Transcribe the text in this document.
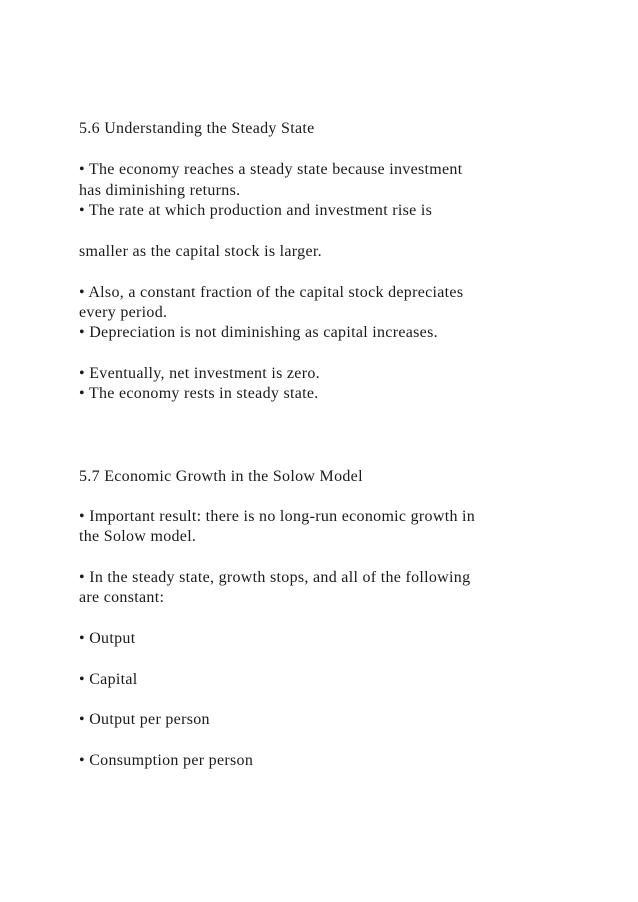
5.6 Understanding the Steady State
• The economy reaches a steady state because investment
has diminishing returns.
• The rate at which production and investment rise is
smaller as the capital stock is larger.
• Also, a constant fraction of the capital stock depreciates
every period.
• Depreciation is not diminishing as capital increases.
• Eventually, net investment is zero.
• The economy rests in steady state.
5.7 Economic Growth in the Solow Model
• Important result: there is no long-run economic growth in
the Solow model.
• In the steady state, growth stops, and all of the following
are constant:
• Output
• Capital
• Output per person
• Consumption per person
